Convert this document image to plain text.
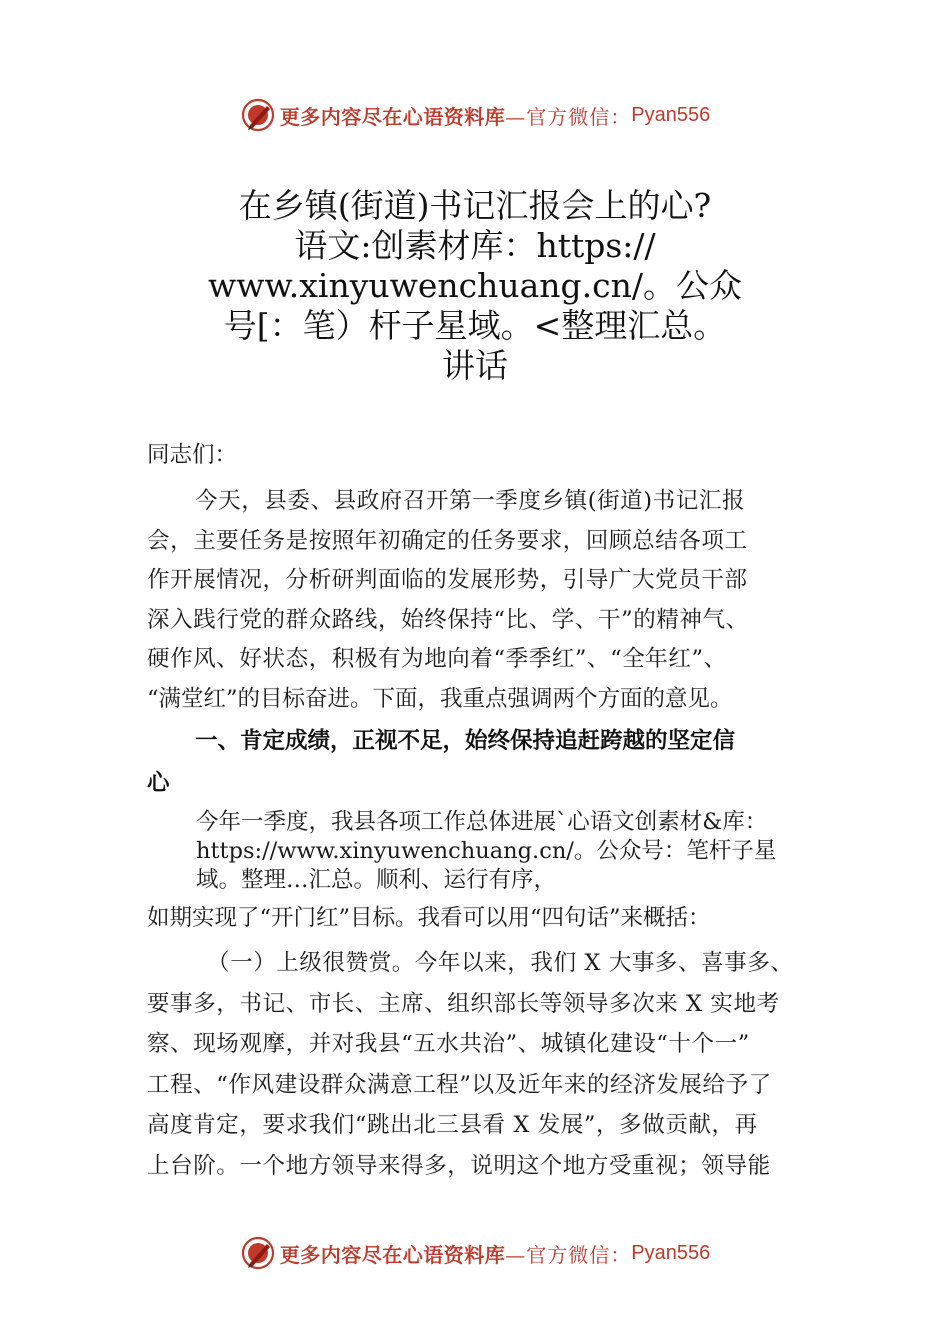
更多内容尽在心语资料库 —官方微信： Pyan556
在乡镇(街道)书记汇报会上的心?
语文:创素材库：https://
www.xinyuwenchuang.cn/。公众
号[：笔）杆子星域。<整理汇总。
讲话
同志们：
今天，县委、县政府召开第一季度乡镇(街道)书记汇报
会，主要任务是按照年初确定的任务要求，回顾总结各项工
作开展情况，分析研判面临的发展形势，引导广大党员干部
深入践行党的群众路线，始终保持“比、学、干”的精神气、
硬作风、好状态，积极有为地向着“季季红”、“全年红”、
“满堂红”的目标奋进。下面，我重点强调两个方面的意见。
一、肯定成绩，正视不足，始终保持追赶跨越的坚定信
心
今年一季度，我县各项工作总体进展`心语文创素材&库：
https://www.xinyuwenchuang.cn/。公众号：笔杆子星
域。整理…汇总。顺利、运行有序，
如期实现了“开门红”目标。我看可以用“四句话”来概括：
（一）上级很赞赏。今年以来，我们 X 大事多、喜事多、
要事多，书记、市长、主席、组织部长等领导多次来 X 实地考
察、现场观摩，并对我县“五水共治”、城镇化建设“十个一”
工程、“作风建设群众满意工程”以及近年来的经济发展给予了
高度肯定，要求我们“跳出北三县看 X 发展”，多做贡献，再
上台阶。一个地方领导来得多，说明这个地方受重视；领导能
更多内容尽在心语资料库 —官方微信： Pyan556
